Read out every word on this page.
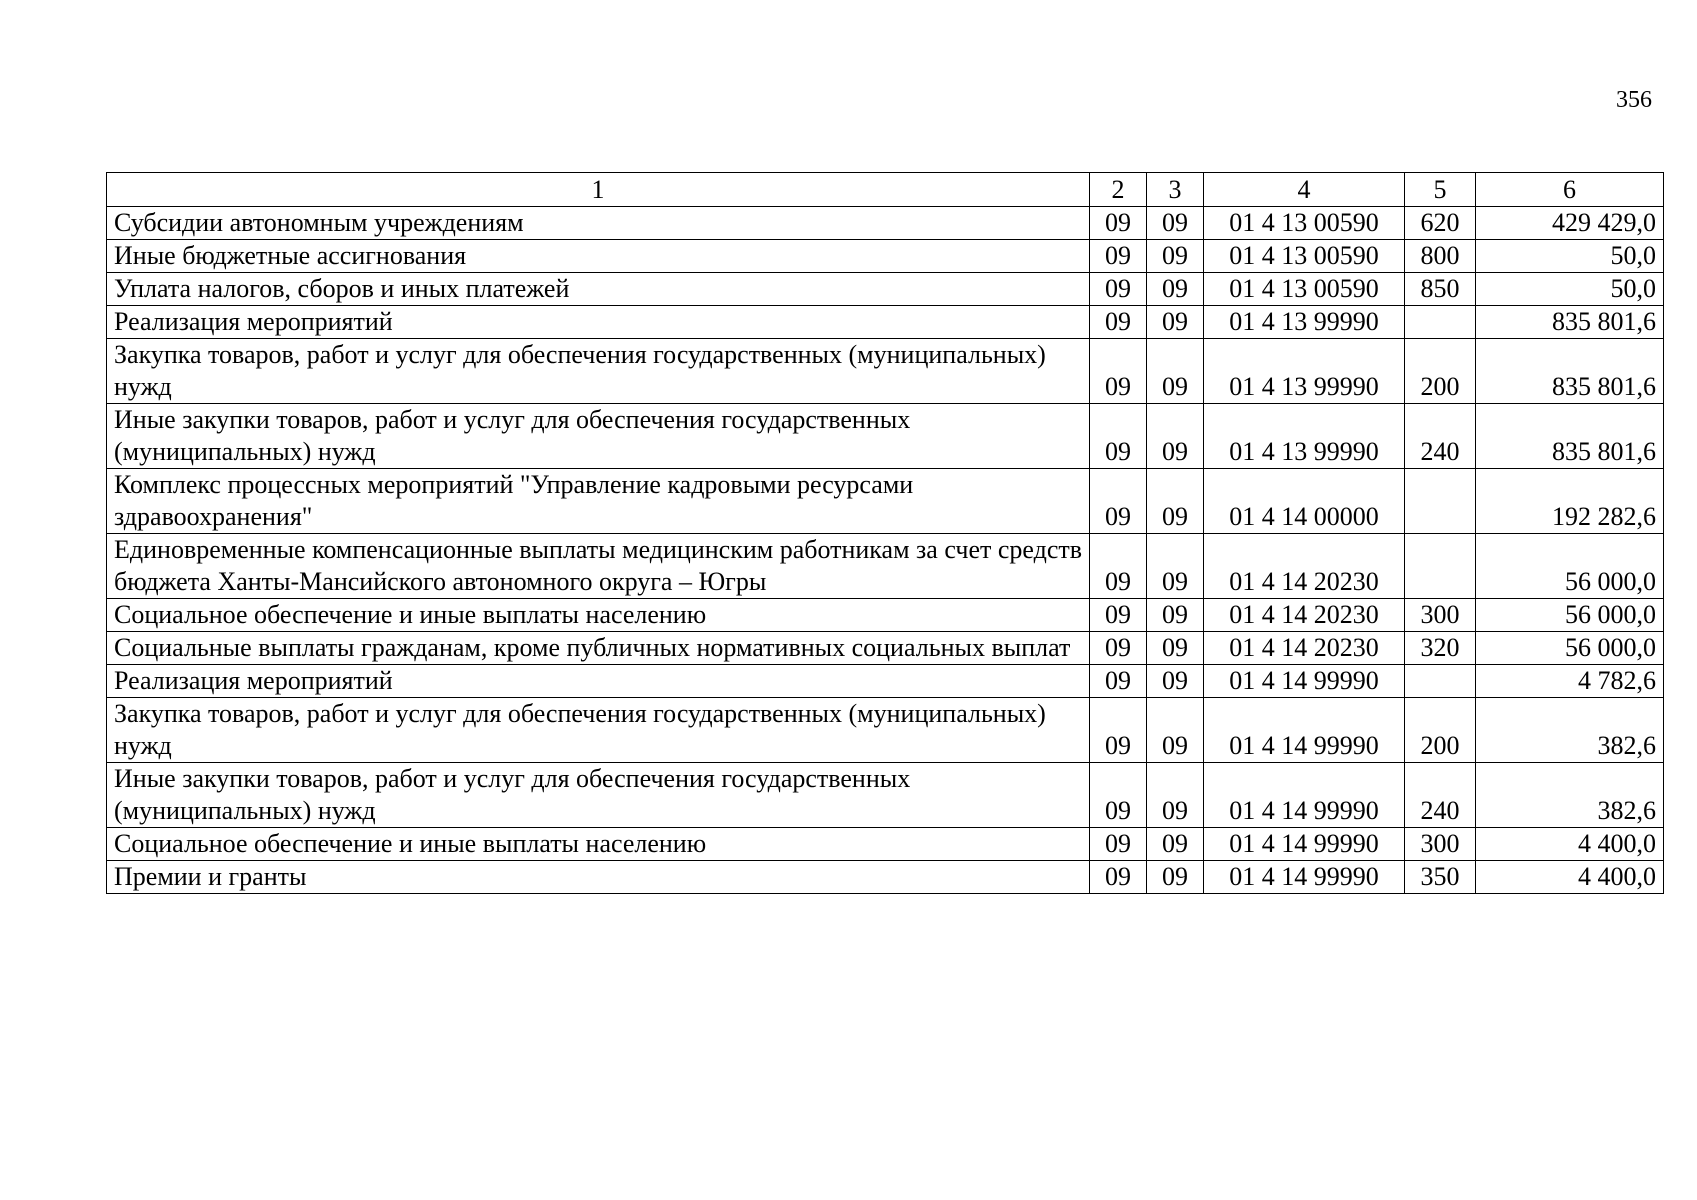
356
1	2	3	4	5	6
Субсидии автономным учреждениям	09	09	01 4 13 00590	620	429 429,0
Иные бюджетные ассигнования	09	09	01 4 13 00590	800	50,0
Уплата налогов, сборов и иных платежей	09	09	01 4 13 00590	850	50,0
Реализация мероприятий	09	09	01 4 13 99990		835 801,6
Закупка товаров, работ и услуг для обеспечения государственных (муниципальных) нужд	09	09	01 4 13 99990	200	835 801,6
Иные закупки товаров, работ и услуг для обеспечения государственных (муниципальных) нужд	09	09	01 4 13 99990	240	835 801,6
Комплекс процессных мероприятий "Управление кадровыми ресурсами здравоохранения"	09	09	01 4 14 00000		192 282,6
Единовременные компенсационные выплаты медицинским работникам за счет средств бюджета Ханты-Мансийского автономного округа – Югры	09	09	01 4 14 20230		56 000,0
Социальное обеспечение и иные выплаты населению	09	09	01 4 14 20230	300	56 000,0
Социальные выплаты гражданам, кроме публичных нормативных социальных выплат	09	09	01 4 14 20230	320	56 000,0
Реализация мероприятий	09	09	01 4 14 99990		4 782,6
Закупка товаров, работ и услуг для обеспечения государственных (муниципальных) нужд	09	09	01 4 14 99990	200	382,6
Иные закупки товаров, работ и услуг для обеспечения государственных (муниципальных) нужд	09	09	01 4 14 99990	240	382,6
Социальное обеспечение и иные выплаты населению	09	09	01 4 14 99990	300	4 400,0
Премии и гранты	09	09	01 4 14 99990	350	4 400,0
